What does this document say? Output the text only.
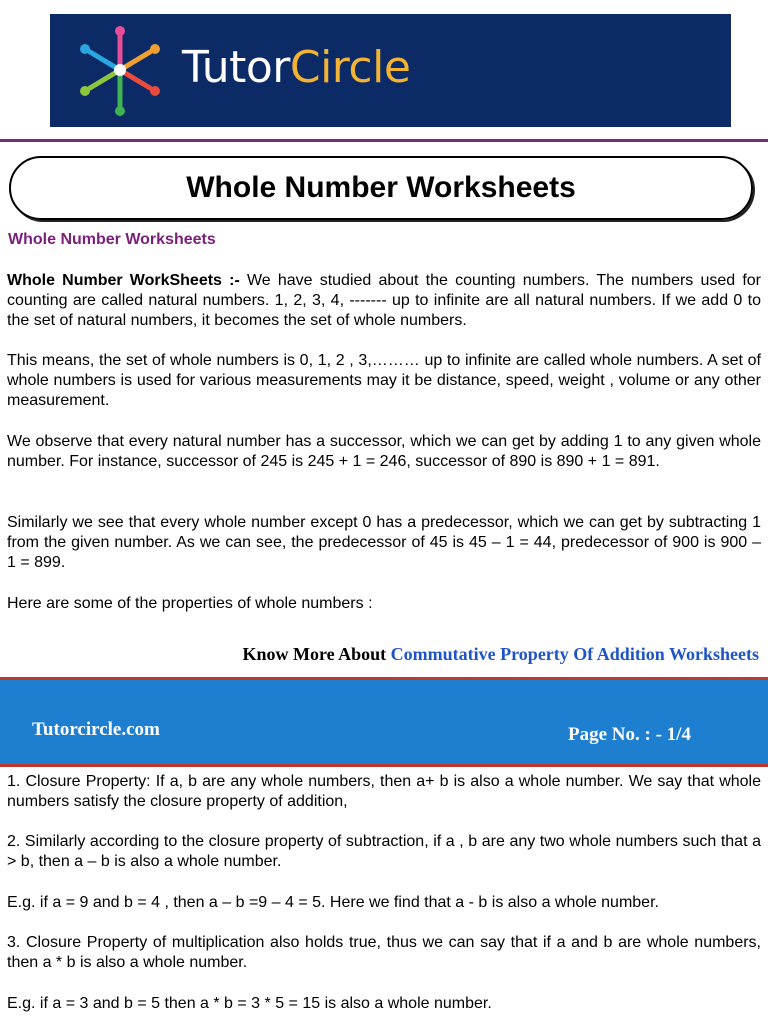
TutorCircle
Whole Number Worksheets
Whole Number Worksheets

Whole Number WorkSheets :- We have studied about the counting numbers. The numbers used for counting are called natural numbers. 1, 2, 3, 4, ------- up to infinite are all natural numbers. If we add 0 to the set of natural numbers, it becomes the set of whole numbers.

This means, the set of whole numbers is 0, 1, 2 , 3,……… up to infinite are called whole numbers. A set of whole numbers is used for various measurements may it be distance, speed, weight , volume or any other measurement.

We observe that every natural number has a successor, which we can get by adding 1 to any given whole number. For instance, successor of 245 is 245 + 1 = 246, successor of 890 is 890 + 1 = 891.

Similarly we see that every whole number except 0 has a predecessor, which we can get by subtracting 1 from the given number. As we can see, the predecessor of 45 is 45 – 1 = 44, predecessor of 900 is 900 – 1 = 899.

Here are some of the properties of whole numbers :

Know More About Commutative Property Of Addition Worksheets
Tutorcircle.com	Page No. : - 1/4

1. Closure Property: If a, b are any whole numbers, then a+ b is also a whole number. We say that whole numbers satisfy the closure property of addition,

2. Similarly according to the closure property of subtraction, if a , b are any two whole numbers such that a > b, then a – b is also a whole number.

E.g. if a = 9 and b = 4 , then a – b =9 – 4 = 5. Here we find that a - b is also a whole number.

3. Closure Property of multiplication also holds true, thus we can say that if a and b are whole numbers, then a * b is also a whole number.

E.g. if a = 3 and b = 5 then a * b = 3 * 5 = 15 is also a whole number.
